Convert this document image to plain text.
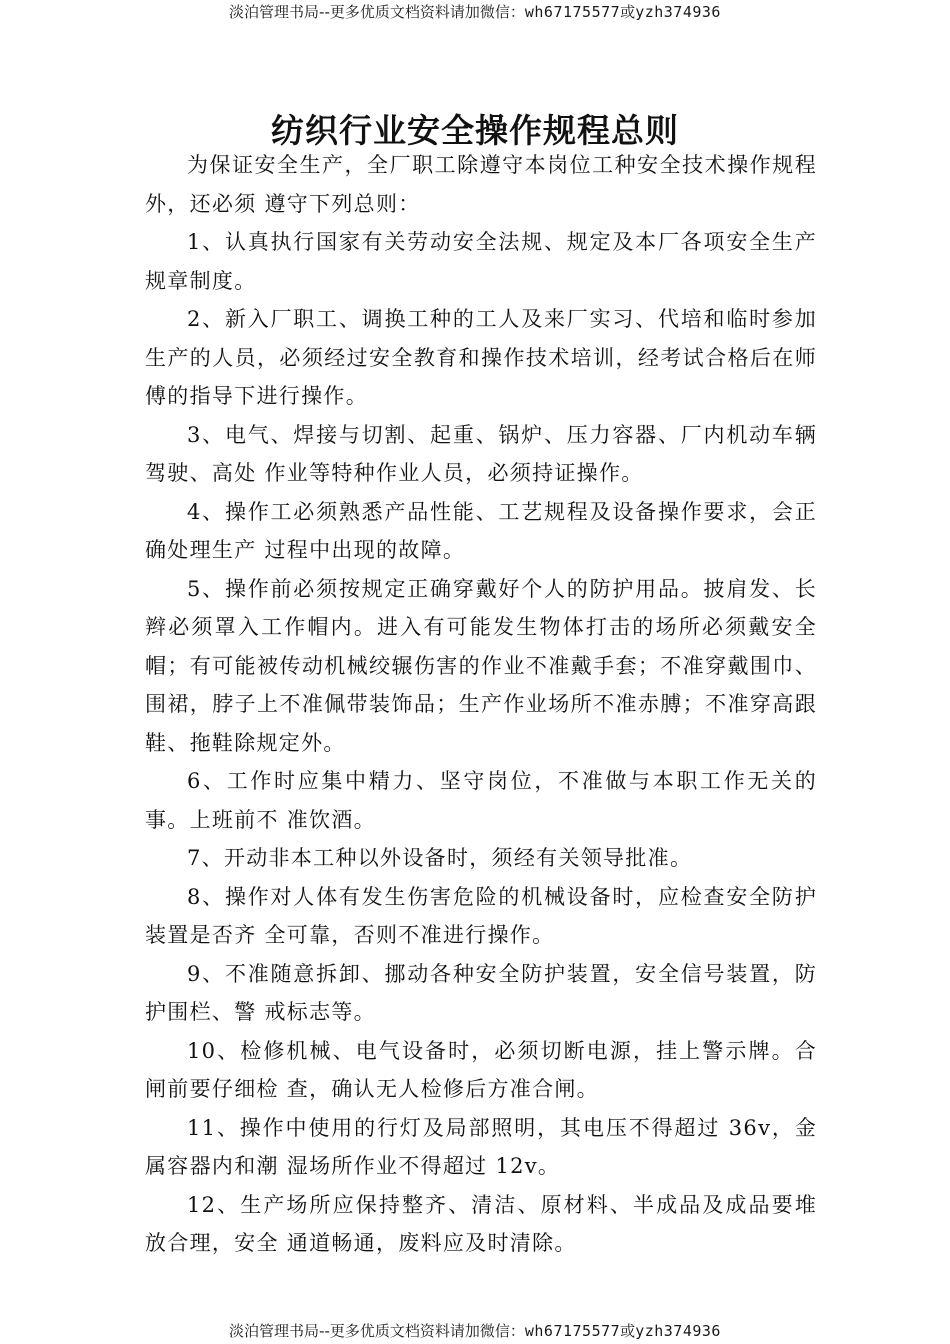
淡泊管理书局--更多优质文档资料请加微信：wh67175577或yzh374936
纺织行业安全操作规程总则

为保证安全生产，全厂职工除遵守本岗位工种安全技术操作规程外，还必须 遵守下列总则：

1、认真执行国家有关劳动安全法规、规定及本厂各项安全生产规章制度。

2、新入厂职工、调换工种的工人及来厂实习、代培和临时参加生产的人员，必须经过安全教育和操作技术培训，经考试合格后在师傅的指导下进行操作。

3、电气、焊接与切割、起重、锅炉、压力容器、厂内机动车辆驾驶、高处 作业等特种作业人员，必须持证操作。

4、操作工必须熟悉产品性能、工艺规程及设备操作要求，会正确处理生产 过程中出现的故障。

5、操作前必须按规定正确穿戴好个人的防护用品。披肩发、长辫必须罩入工作帽内。进入有可能发生物体打击的场所必须戴安全帽；有可能被传动机械绞辗伤害的作业不准戴手套；不准穿戴围巾、围裙，脖子上不准佩带装饰品；生产作业场所不准赤膊；不准穿高跟鞋、拖鞋除规定外。

6、工作时应集中精力、坚守岗位，不准做与本职工作无关的事。上班前不 准饮酒。

7、开动非本工种以外设备时，须经有关领导批准。

8、操作对人体有发生伤害危险的机械设备时，应检查安全防护装置是否齐 全可靠，否则不准进行操作。

9、不准随意拆卸、挪动各种安全防护装置，安全信号装置，防护围栏、警 戒标志等。

10、检修机械、电气设备时，必须切断电源，挂上警示牌。合闸前要仔细检 查，确认无人检修后方准合闸。

11、操作中使用的行灯及局部照明，其电压不得超过 36v，金属容器内和潮 湿场所作业不得超过 12v。

12、生产场所应保持整齐、清洁、原材料、半成品及成品要堆放合理，安全 通道畅通，废料应及时清除。

淡泊管理书局--更多优质文档资料请加微信：wh67175577或yzh374936
